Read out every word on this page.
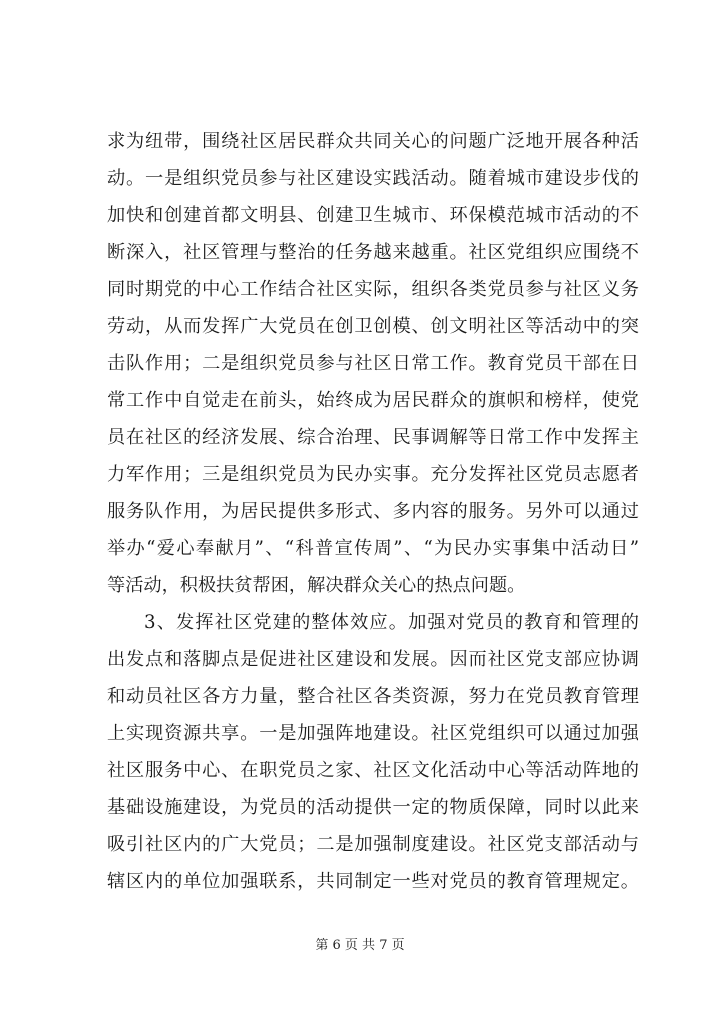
求为纽带，围绕社区居民群众共同关心的问题广泛地开展各种活
动。一是组织党员参与社区建设实践活动。随着城市建设步伐的
加快和创建首都文明县、创建卫生城市、环保模范城市活动的不
断深入，社区管理与整治的任务越来越重。社区党组织应围绕不
同时期党的中心工作结合社区实际，组织各类党员参与社区义务
劳动，从而发挥广大党员在创卫创模、创文明社区等活动中的突
击队作用；二是组织党员参与社区日常工作。教育党员干部在日
常工作中自觉走在前头，始终成为居民群众的旗帜和榜样，使党
员在社区的经济发展、综合治理、民事调解等日常工作中发挥主
力军作用；三是组织党员为民办实事。充分发挥社区党员志愿者
服务队作用，为居民提供多形式、多内容的服务。另外可以通过
举办“爱心奉献月”、“科普宣传周”、“为民办实事集中活动日”
等活动，积极扶贫帮困，解决群众关心的热点问题。
3、发挥社区党建的整体效应。加强对党员的教育和管理的
出发点和落脚点是促进社区建设和发展。因而社区党支部应协调
和动员社区各方力量，整合社区各类资源，努力在党员教育管理
上实现资源共享。一是加强阵地建设。社区党组织可以通过加强
社区服务中心、在职党员之家、社区文化活动中心等活动阵地的
基础设施建设，为党员的活动提供一定的物质保障，同时以此来
吸引社区内的广大党员；二是加强制度建设。社区党支部活动与
辖区内的单位加强联系，共同制定一些对党员的教育管理规定。
第 6 页 共 7 页
